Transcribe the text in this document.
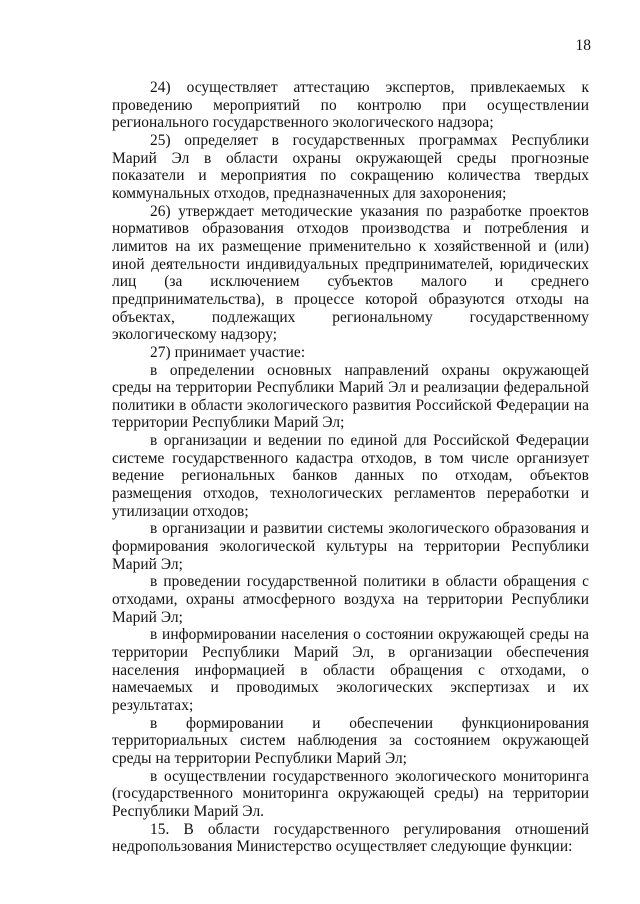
18

24) осуществляет аттестацию экспертов, привлекаемых к проведению мероприятий по контролю при осуществлении регионального государственного экологического надзора;

25) определяет в государственных программах Республики Марий Эл в области охраны окружающей среды прогнозные показатели и мероприятия по сокращению количества твердых коммунальных отходов, предназначенных для захоронения;

26) утверждает методические указания по разработке проектов нормативов образования отходов производства и потребления и лимитов на их размещение применительно к хозяйственной и (или) иной деятельности индивидуальных предпринимателей, юридических лиц (за исключением субъектов малого и среднего предпринимательства), в процессе которой образуются отходы на объектах, подлежащих региональному государственному экологическому надзору;

27) принимает участие:

в определении основных направлений охраны окружающей среды на территории Республики Марий Эл и реализации федеральной политики в области экологического развития Российской Федерации на территории Республики Марий Эл;

в организации и ведении по единой для Российской Федерации системе государственного кадастра отходов, в том числе организует ведение региональных банков данных по отходам, объектов размещения отходов, технологических регламентов переработки и утилизации отходов;

в организации и развитии системы экологического образования и формирования экологической культуры на территории Республики Марий Эл;

в проведении государственной политики в области обращения с отходами, охраны атмосферного воздуха на территории Республики Марий Эл;

в информировании населения о состоянии окружающей среды на территории Республики Марий Эл, в организации обеспечения населения информацией в области обращения с отходами, о намечаемых и проводимых экологических экспертизах и их результатах;

в формировании и обеспечении функционирования территориальных систем наблюдения за состоянием окружающей среды на территории Республики Марий Эл;

в осуществлении государственного экологического мониторинга (государственного мониторинга окружающей среды) на территории Республики Марий Эл.

15. В области государственного регулирования отношений недропользования Министерство осуществляет следующие функции:
